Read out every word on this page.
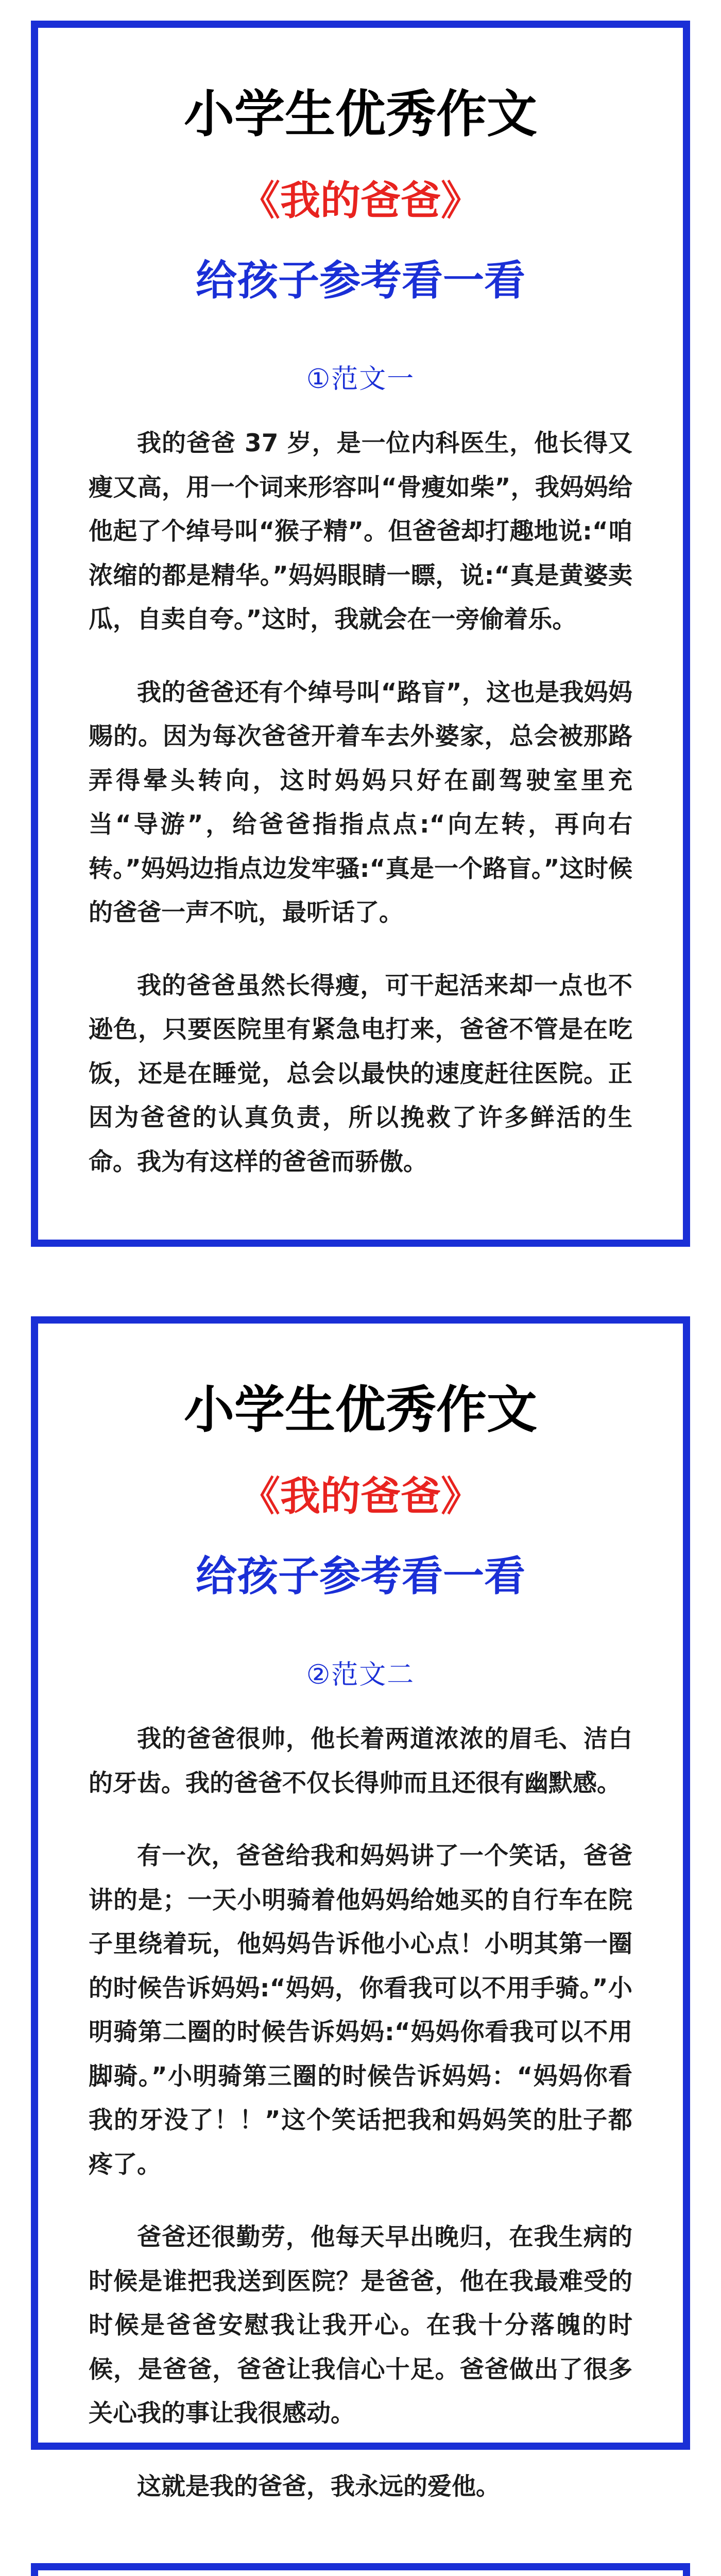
小学生优秀作文
《我的爸爸》
给孩子参考看一看
①范文一

我的爸爸 37 岁，是一位内科医生，他长得又瘦又高，用一个词来形容叫“骨瘦如柴”，我妈妈给他起了个绰号叫“猴子精”。但爸爸却打趣地说:“咱浓缩的都是精华。”妈妈眼睛一瞟，说:“真是黄婆卖瓜，自卖自夸。”这时，我就会在一旁偷着乐。

我的爸爸还有个绰号叫“路盲”，这也是我妈妈赐的。因为每次爸爸开着车去外婆家，总会被那路弄得晕头转向，这时妈妈只好在副驾驶室里充当“导游”，给爸爸指指点点:“向左转，再向右转。”妈妈边指点边发牢骚:“真是一个路盲。”这时候的爸爸一声不吭，最听话了。

我的爸爸虽然长得瘦，可干起活来却一点也不逊色，只要医院里有紧急电打来，爸爸不管是在吃饭，还是在睡觉，总会以最快的速度赶往医院。正因为爸爸的认真负责，所以挽救了许多鲜活的生命。我为有这样的爸爸而骄傲。

小学生优秀作文
《我的爸爸》
给孩子参考看一看
②范文二

我的爸爸很帅，他长着两道浓浓的眉毛、洁白的牙齿。我的爸爸不仅长得帅而且还很有幽默感。

有一次，爸爸给我和妈妈讲了一个笑话，爸爸讲的是；一天小明骑着他妈妈给她买的自行车在院子里绕着玩，他妈妈告诉他小心点！小明其第一圈的时候告诉妈妈:“妈妈，你看我可以不用手骑。”小明骑第二圈的时候告诉妈妈:“妈妈你看我可以不用脚骑。”小明骑第三圈的时候告诉妈妈：“妈妈你看我的牙没了！！”这个笑话把我和妈妈笑的肚子都疼了。

爸爸还很勤劳，他每天早出晚归，在我生病的时候是谁把我送到医院？是爸爸，他在我最难受的时候是爸爸安慰我让我开心。在我十分落魄的时候，是爸爸，爸爸让我信心十足。爸爸做出了很多关心我的事让我很感动。

这就是我的爸爸，我永远的爱他。
